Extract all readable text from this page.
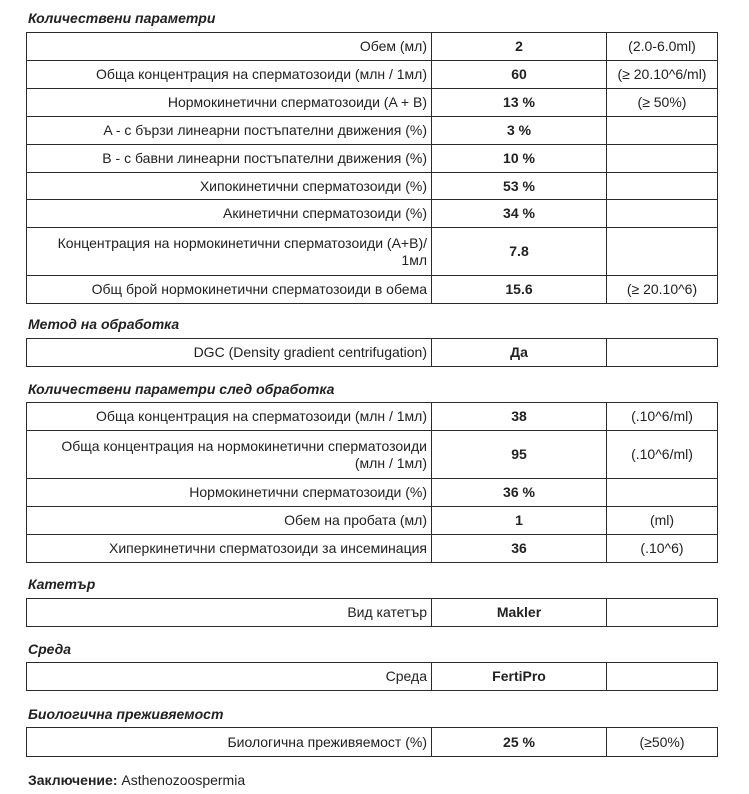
Количествени параметри
Обем (мл)	2	(2.0-6.0ml)
Обща концентрация на сперматозоиди (млн / 1мл)	60	(≥ 20.10^6/ml)
Нормокинетични сперматозоиди (A + B)	13 %	(≥ 50%)
A - с бързи линеарни постъпателни движения (%)	3 %	
B - с бавни линеарни постъпателни движения (%)	10 %	
Хипокинетични сперматозоиди (%)	53 %	
Акинетични сперматозоиди (%)	34 %	
Концентрация на нормокинетични сперматозоиди (A+B)/ 1мл	7.8	
Общ брой нормокинетични сперматозоиди в обема	15.6	(≥ 20.10^6)
Метод на обработка
DGC (Density gradient centrifugation)	Да	
Количествени параметри след обработка
Обща концентрация на сперматозоиди (млн / 1мл)	38	(.10^6/ml)
Обща концентрация на нормокинетични сперматозоиди (млн / 1мл)	95	(.10^6/ml)
Нормокинетични сперматозоиди (%)	36 %	
Обем на пробата (мл)	1	(ml)
Хиперкинетични сперматозоиди за инсеминация	36	(.10^6)
Катетър
Вид катетър	Makler	
Среда
Среда	FertiPro	
Биологична преживяемост
Биологична преживяемост (%)	25 %	(≥50%)
Заключение: Asthenozoospermia
